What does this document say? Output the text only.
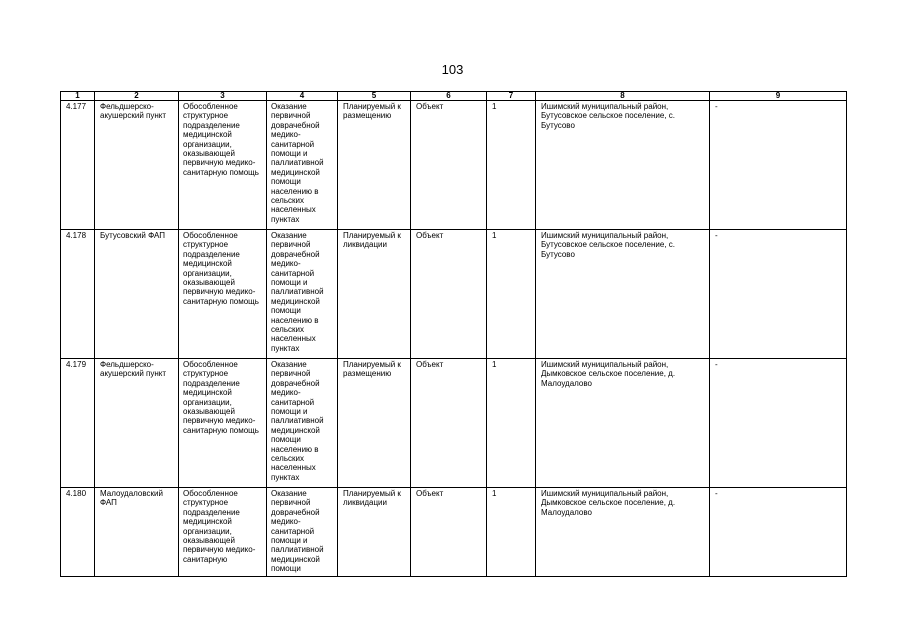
103
1	2	3	4	5	6	7	8	9
4.177	Фельдшерско-акушерский пункт	Обособленное структурное подразделение медицинской организации, оказывающей первичную медико-санитарную помощь	Оказание первичной доврачебной медико-санитарной помощи и паллиативной медицинской помощи населению в сельских населенных пунктах	Планируемый к размещению	Объект	1	Ишимский муниципальный район, Бутусовское сельское поселение, с. Бутусово	-
4.178	Бутусовский ФАП	Обособленное структурное подразделение медицинской организации, оказывающей первичную медико-санитарную помощь	Оказание первичной доврачебной медико-санитарной помощи и паллиативной медицинской помощи населению в сельских населенных пунктах	Планируемый к ликвидации	Объект	1	Ишимский муниципальный район, Бутусовское сельское поселение, с. Бутусово	-
4.179	Фельдшерско-акушерский пункт	Обособленное структурное подразделение медицинской организации, оказывающей первичную медико-санитарную помощь	Оказание первичной доврачебной медико-санитарной помощи и паллиативной медицинской помощи населению в сельских населенных пунктах	Планируемый к размещению	Объект	1	Ишимский муниципальный район, Дымковское сельское поселение, д. Малоудалово	-
4.180	Малоудаловский ФАП	Обособленное структурное подразделение медицинской организации, оказывающей первичную медико-санитарную	Оказание первичной доврачебной медико-санитарной помощи и паллиативной медицинской помощи	Планируемый к ликвидации	Объект	1	Ишимский муниципальный район, Дымковское сельское поселение, д. Малоудалово	-
